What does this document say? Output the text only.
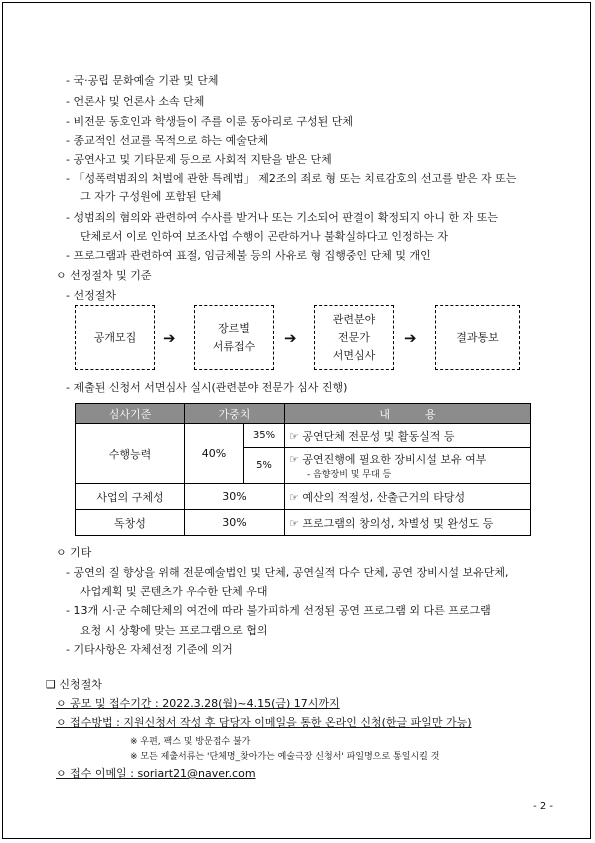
- 국·공립 문화예술 기관 및 단체
- 언론사 및 언론사 소속 단체
- 비전문 동호인과 학생들이 주를 이룬 동아리로 구성된 단체
- 종교적인 선교를 목적으로 하는 예술단체
- 공연사고 및 기타문제 등으로 사회적 지탄을 받은 단체
- 「성폭력범죄의 처벌에 관한 특례법」 제2조의 죄로 형 또는 치료감호의 선고를 받은 자 또는
그 자가 구성원에 포함된 단체
- 성범죄의 혐의와 관련하여 수사를 받거나 또는 기소되어 판결이 확정되지 아니 한 자 또는
단체로서 이로 인하여 보조사업 수행이 곤란하거나 불확실하다고 인정하는 자
- 프로그램과 관련하여 표절, 임금체불 등의 사유로 형 집행중인 단체 및 개인
ㅇ 선정절차 및 기준
- 선정절차
공개모집 ➔
장르별
서류접수 ➔
관련분야
전문가
서면심사
➔	결과통보
- 제출된 신청서 서면심사 실시(관련분야 전문가 심사 진행)
심사기준	가중치		내          용
수행능력	40%	35%	☞ 공연단체 전문성 및 활동실적 등
		5%	☞ 공연진행에 필요한 장비시설 보유 여부
- 음향장비 및 무대 등

사업의 구체성	30%		☞ 예산의 적절성, 산출근거의 타당성
독창성	30%		☞ 프로그램의 창의성, 차별성 및 완성도 등
ㅇ 기타
- 공연의 질 향상을 위해 전문예술법인 및 단체, 공연실적 다수 단체, 공연 장비시설 보유단체,
사업계획 및 콘텐츠가 우수한 단체 우대
- 13개 시·군 수혜단체의 여건에 따라 불가피하게 선정된 공연 프로그램 외 다른 프로그램
요청 시 상황에 맞는 프로그램으로 협의
- 기타사항은 자체선정 기준에 의거
❑ 신청절차
ㅇ 공모 및 접수기간 : 2022.3.28(월)~4.15(금) 17시까지
ㅇ 접수방법 : 지원신청서 작성 후 담당자 이메일을 통한 온라인 신청(한글 파일만 가능)
※ 우편, 팩스 및 방문접수 불가
※ 모든 제출서류는 '단체명_찾아가는 예술극장 신청서' 파일명으로 통일시킬 것
ㅇ 접수 이메일 : soriart21@naver.com
- 2 -
